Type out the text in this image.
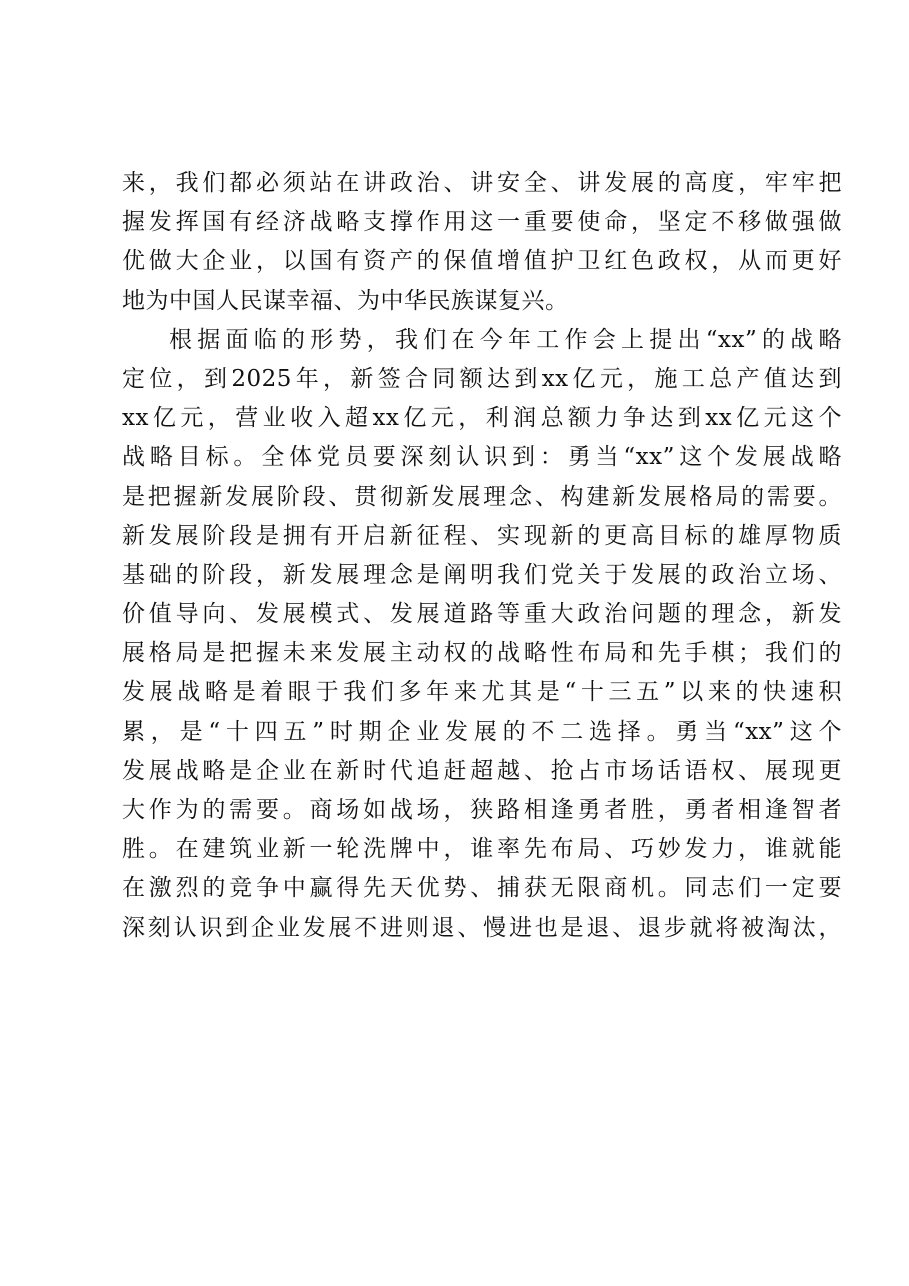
来，我们都必须站在讲政治、讲安全、讲发展的高度，牢牢把
握发挥国有经济战略支撑作用这一重要使命，坚定不移做强做
优做大企业，以国有资产的保值增值护卫红色政权，从而更好
地为中国人民谋幸福、为中华民族谋复兴。
根据面临的形势，我们在今年工作会上提出“xx”的战略
定位，到2025年，新签合同额达到xx亿元，施工总产值达到
xx亿元，营业收入超xx亿元，利润总额力争达到xx亿元这个
战略目标。全体党员要深刻认识到：勇当“xx”这个发展战略
是把握新发展阶段、贯彻新发展理念、构建新发展格局的需要。
新发展阶段是拥有开启新征程、实现新的更高目标的雄厚物质
基础的阶段，新发展理念是阐明我们党关于发展的政治立场、
价值导向、发展模式、发展道路等重大政治问题的理念，新发
展格局是把握未来发展主动权的战略性布局和先手棋；我们的
发展战略是着眼于我们多年来尤其是“十三五”以来的快速积
累，是“十四五”时期企业发展的不二选择。勇当“xx”这个
发展战略是企业在新时代追赶超越、抢占市场话语权、展现更
大作为的需要。商场如战场，狭路相逢勇者胜，勇者相逢智者
胜。在建筑业新一轮洗牌中，谁率先布局、巧妙发力，谁就能
在激烈的竞争中赢得先天优势、捕获无限商机。同志们一定要
深刻认识到企业发展不进则退、慢进也是退、退步就将被淘汰，
